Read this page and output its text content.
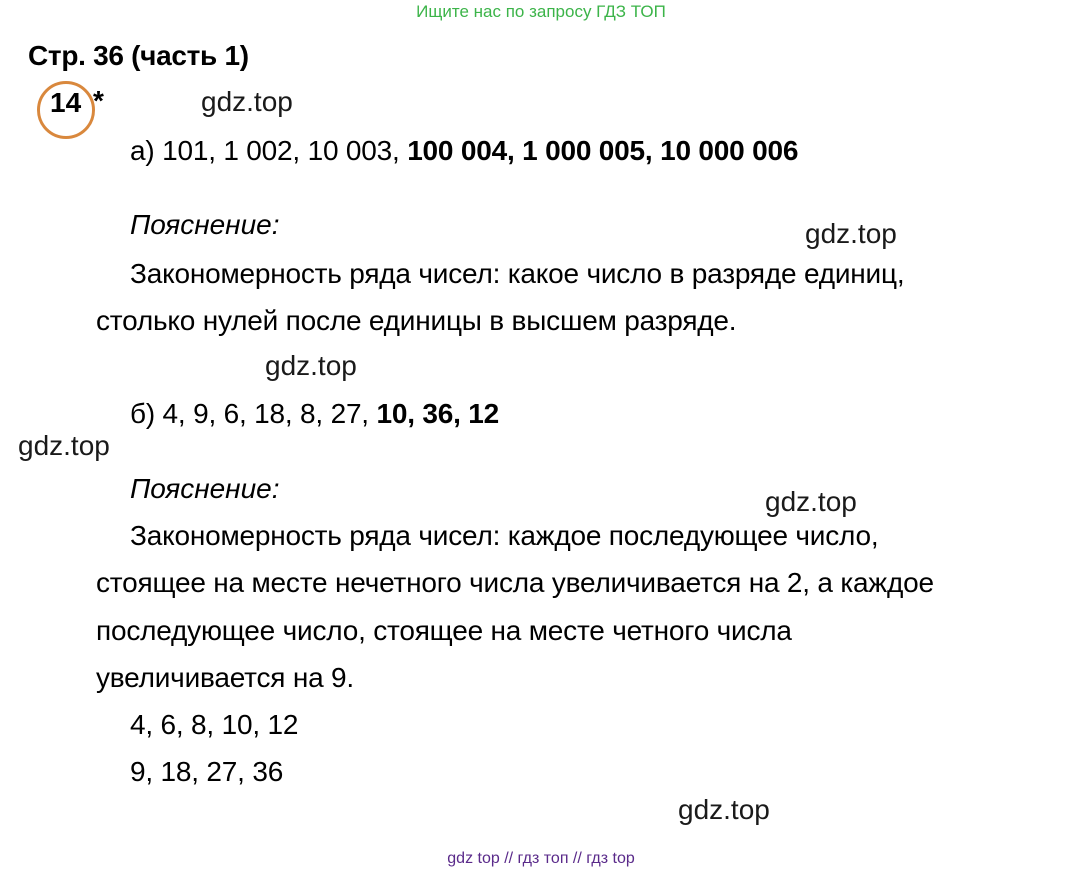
Ищите нас по запросу ГДЗ ТОП
Стр. 36 (часть 1)
14 *	gdz.top
а) 101, 1 002, 10 003, 100 004, 1 000 005, 10 000 006
Пояснение:	gdz.top
Закономерность ряда чисел: какое число в разряде единиц,
столько нулей после единицы в высшем разряде.
gdz.top
б) 4, 9, 6, 18, 8, 27, 10, 36, 12
gdz.top
Пояснение:	gdz.top
Закономерность ряда чисел: каждое последующее число,
стоящее на месте нечетного числа увеличивается на 2, а каждое
последующее число, стоящее на месте четного числа
увеличивается на 9.
4, 6, 8, 10, 12
9, 18, 27, 36
gdz.top
gdz top // гдз топ // гдз top
